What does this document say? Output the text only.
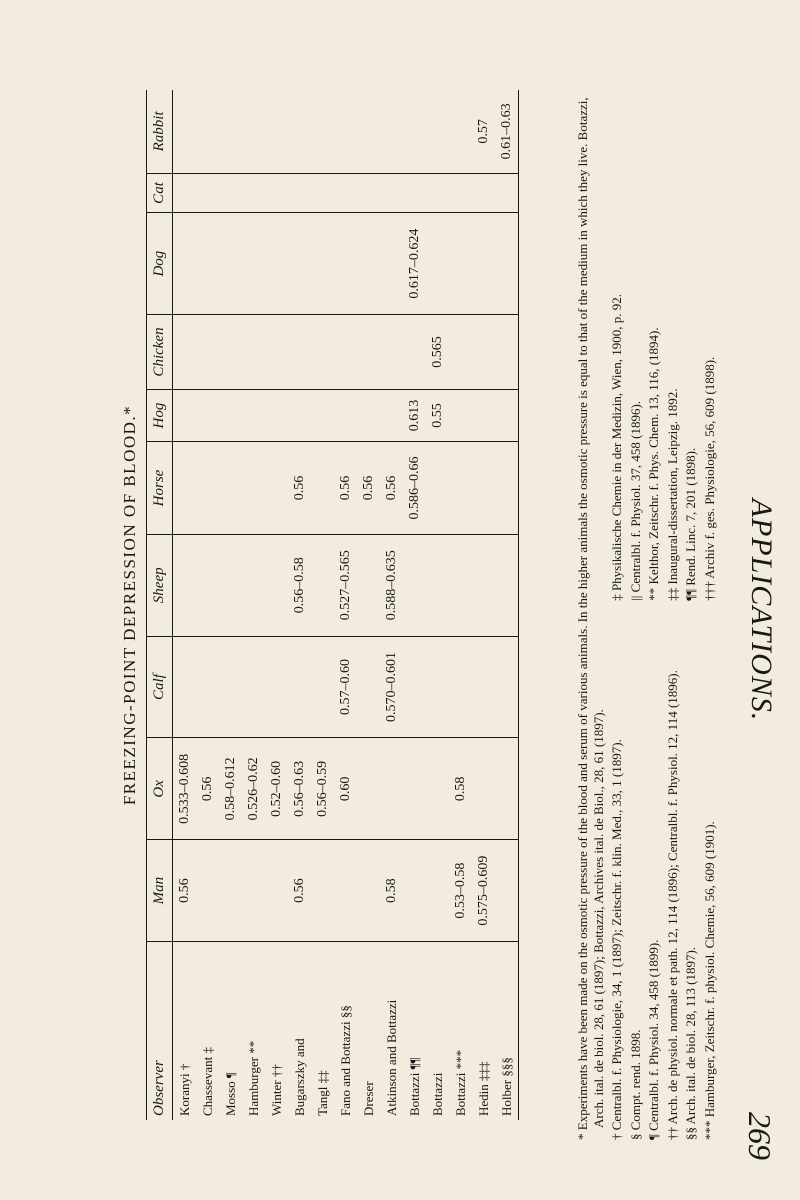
APPLICATIONS.
269
* Experiments have been made on the osmotic pressure of the blood and serum of various animals. In the higher animals the osmotic pressure is equal to that of the medium in which they live. Botazzi, Arch. ital. de biol. 28, 61 (1897); Bottazzi, Archives ital. de Biol., 28, 61 (1897). † Centralbl. f. Physiologie, 34, 1 (1897); Zeitschr. f. klin. Med., 33, 1 (1897).
‡ Physikalische Chemie in der Medizin, Wien, 1900, p. 92.
§ Compt. rend. 1898.
|| Centralbl. f. Physiol. 37, 458 (1896).
¶ Centralbl. f. Physiol. 34, 458 (1899).
** Kelthor, Zeitschr. f. Phys. Chem. 13, 116, (1894).
†† Arch. de physiol. normale et path. 12, 114 (1896); Centralbl. f. Physiol. 12, 114 (1896).
‡‡ Inaugural-dissertation, Leipzig. 1892.
§§ Arch. ital. de biol. 28, 113 (1897).
¶¶ Rend. Linc. 7, 201 (1898).
*** Hamburger, Zeitschr. f. physiol. Chemie, 56, 609 (1901).
††† Archiv f. ges. Physiologie, 56, 609 (1898).
FREEZING-POINT DEPRESSION OF BLOOD.*
Observer	Man	Ox	Calf	Sheep	Horse	Hog	Chicken	Dog	Cat	Rabbit
Koranyi †	0.56	0.533–0.608								
Chassevant ‡		0.56								
Mosso ¶		0.58–0.612								
Hamburger **		0.526–0.62								
Winter ††		0.52–0.60								
Bugarszky and	0.56	0.56–0.63		0.56–0.58	0.56					
Tangl ‡‡		0.56–0.59								
Fano and Bottazzi §§		0.60	0.57–0.60	0.527–0.565	0.56					
Dreser					0.56					
Atkinson and Bottazzi	0.58		0.570–0.601	0.588–0.635	0.56					
Bottazzi ¶¶					0.586–0.66	0.613		0.617–0.624		
Bottazzi						0.55	0.565			
Bottazzi ***	0.53–0.58	0.58								
Hedin ‡‡‡	0.575–0.609									0.57
Holber §§§										0.61–0.63
